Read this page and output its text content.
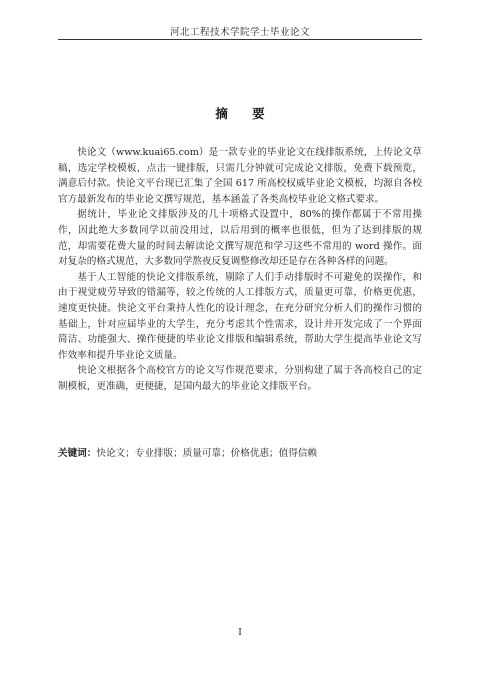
河北工程技术学院学士毕业论文
摘 要

快论文（www.kuai65.com）是一款专业的毕业论文在线排版系统，上传论文草稿，选定学校模板，点击一键排版，只需几分钟就可完成论文排版，免费下载预览，满意后付款。快论文平台现已汇集了全国 617 所高校权威毕业论文模板，均源自各校官方最新发布的毕业论文撰写规范，基本涵盖了各类高校毕业论文格式要求。

据统计，毕业论文排版涉及的几十项格式设置中，80%的操作都属于不常用操作，因此绝大多数同学以前没用过，以后用到的概率也很低，但为了达到排版的规范，却需要花费大量的时间去解读论文撰写规范和学习这些不常用的 word 操作。面对复杂的格式规范，大多数同学熬夜反复调整修改却还是存在各种各样的问题。

基于人工智能的快论文排版系统，剔除了人们手动排版时不可避免的误操作，和由于视觉疲劳导致的错漏等，较之传统的人工排版方式，质量更可靠，价格更优惠，速度更快捷。快论文平台秉持人性化的设计理念，在充分研究分析人们的操作习惯的基础上，针对应届毕业的大学生，充分考虑其个性需求，设计并开发完成了一个界面简洁、功能强大、操作便捷的毕业论文排版和编辑系统，帮助大学生提高毕业论文写作效率和提升毕业论文质量。

快论文根据各个高校官方的论文写作规范要求，分别构建了属于各高校自己的定制模板，更准确，更便捷，是国内最大的毕业论文排版平台。

关键词：快论文；专业排版；质量可靠；价格优惠；值得信赖
I
